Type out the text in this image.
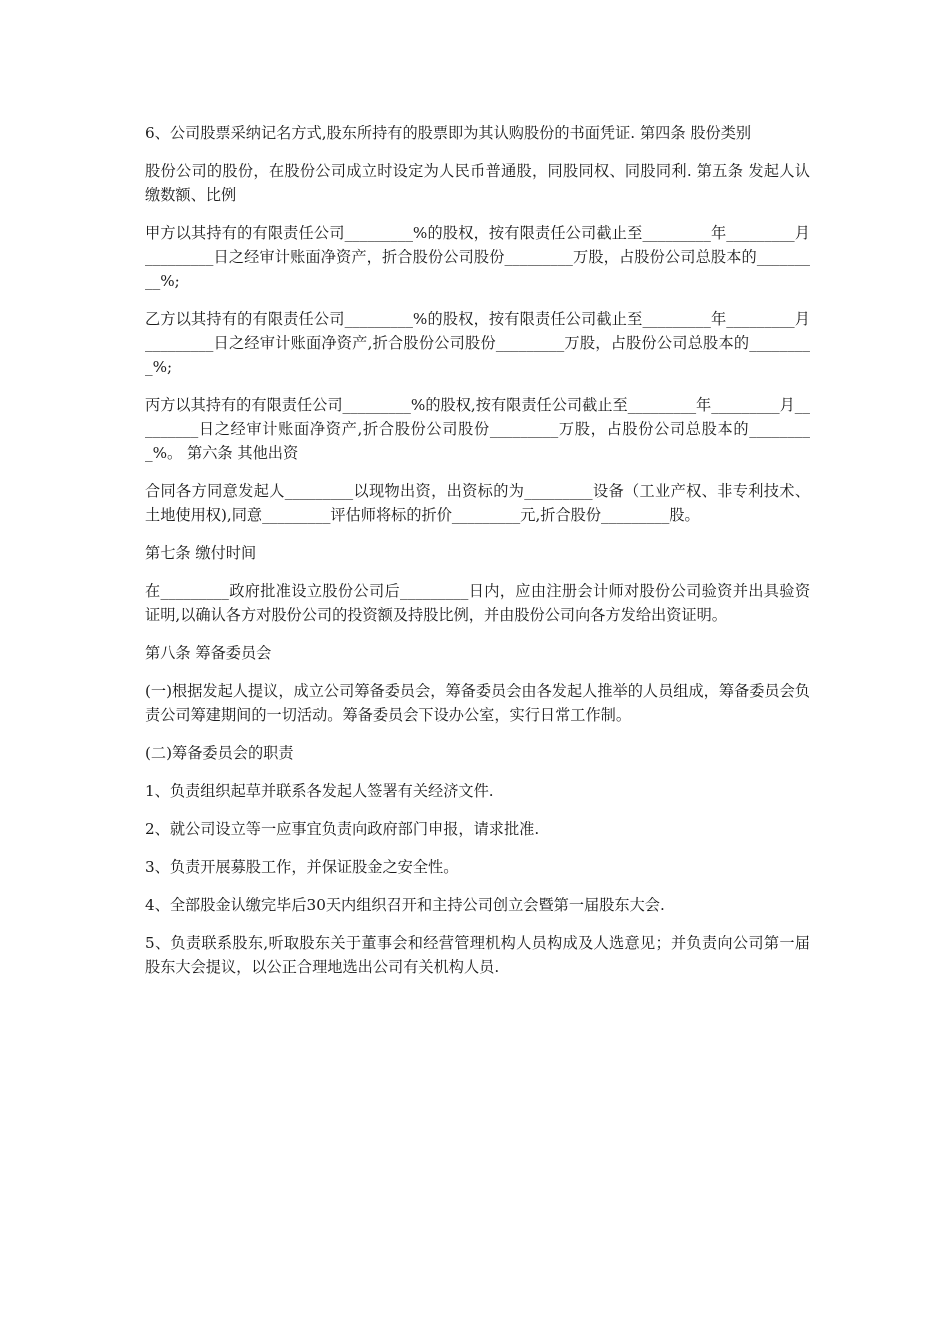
6、公司股票采纳记名方式,股东所持有的股票即为其认购股份的书面凭证. 第四条 股份类别

股份公司的股份，在股份公司成立时设定为人民币普通股，同股同权、同股同利. 第五条 发起人认缴数额、比例

甲方以其持有的有限责任公司_________%的股权，按有限责任公司截止至_________年_________月_________日之经审计账面净资产，折合股份公司股份_________万股，占股份公司总股本的_________%;

乙方以其持有的有限责任公司_________%的股权，按有限责任公司截止至_________年_________月_________日之经审计账面净资产,折合股份公司股份_________万股，占股份公司总股本的_________%;

丙方以其持有的有限责任公司_________%的股权,按有限责任公司截止至_________年_________月_________日之经审计账面净资产,折合股份公司股份_________万股，占股份公司总股本的_________%。 第六条 其他出资

合同各方同意发起人_________以现物出资，出资标的为_________设备（工业产权、非专利技术、土地使用权),同意_________评估师将标的折价_________元,折合股份_________股。

第七条 缴付时间

在_________政府批准设立股份公司后_________日内，应由注册会计师对股份公司验资并出具验资证明,以确认各方对股份公司的投资额及持股比例，并由股份公司向各方发给出资证明。

第八条 筹备委员会

(一)根据发起人提议，成立公司筹备委员会，筹备委员会由各发起人推举的人员组成，筹备委员会负责公司筹建期间的一切活动。筹备委员会下设办公室，实行日常工作制。

(二)筹备委员会的职责

1、负责组织起草并联系各发起人签署有关经济文件.

2、就公司设立等一应事宜负责向政府部门申报，请求批准.

3、负责开展募股工作，并保证股金之安全性。

4、全部股金认缴完毕后30天内组织召开和主持公司创立会暨第一届股东大会.

5、负责联系股东,听取股东关于董事会和经营管理机构人员构成及人选意见；并负责向公司第一届股东大会提议，以公正合理地选出公司有关机构人员.
